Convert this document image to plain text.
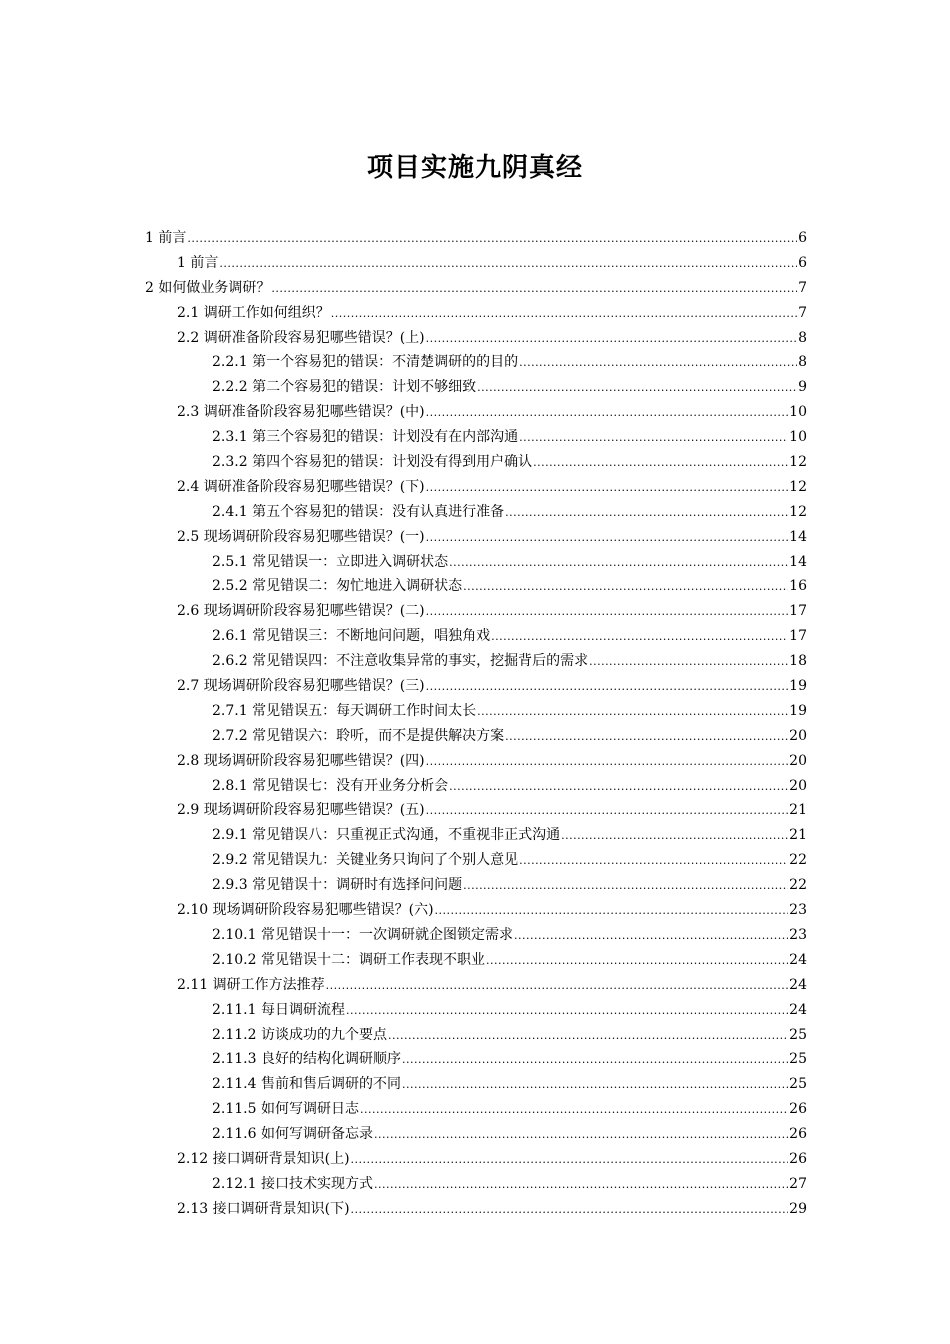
项目实施九阴真经
1 前言 .....	6
1 前言 .....	6
2 如何做业务调研？ .....	7
2.1 调研工作如何组织？ .....	7
2.2 调研准备阶段容易犯哪些错误？(上) .....	8
2.2.1 第一个容易犯的错误：不清楚调研的的目的 .....	8
2.2.2 第二个容易犯的错误：计划不够细致 .....	9
2.3 调研准备阶段容易犯哪些错误？(中) .....	10
2.3.1 第三个容易犯的错误：计划没有在内部沟通 .....	10
2.3.2 第四个容易犯的错误：计划没有得到用户确认 .....	12
2.4 调研准备阶段容易犯哪些错误？(下) .....	12
2.4.1 第五个容易犯的错误：没有认真进行准备 .....	12
2.5 现场调研阶段容易犯哪些错误？(一) .....	14
2.5.1 常见错误一：立即进入调研状态 .....	14
2.5.2 常见错误二：匆忙地进入调研状态 .....	16
2.6 现场调研阶段容易犯哪些错误？(二) .....	17
2.6.1 常见错误三：不断地问问题，唱独角戏 .....	17
2.6.2 常见错误四：不注意收集异常的事实，挖掘背后的需求 .....	18
2.7 现场调研阶段容易犯哪些错误？(三) .....	19
2.7.1 常见错误五：每天调研工作时间太长 .....	19
2.7.2 常见错误六：聆听，而不是提供解决方案 .....	20
2.8 现场调研阶段容易犯哪些错误？(四) .....	20
2.8.1 常见错误七：没有开业务分析会 .....	20
2.9 现场调研阶段容易犯哪些错误？(五) .....	21
2.9.1 常见错误八：只重视正式沟通，不重视非正式沟通 .....	21
2.9.2 常见错误九：关键业务只询问了个别人意见 .....	22
2.9.3 常见错误十：调研时有选择问问题 .....	22
2.10 现场调研阶段容易犯哪些错误？(六) .....	23
2.10.1 常见错误十一：一次调研就企图锁定需求 .....	23
2.10.2 常见错误十二：调研工作表现不职业 .....	24
2.11 调研工作方法推荐 .....	24
2.11.1 每日调研流程 .....	24
2.11.2 访谈成功的九个要点 .....	25
2.11.3 良好的结构化调研顺序 .....	25
2.11.4 售前和售后调研的不同 .....	25
2.11.5 如何写调研日志 .....	26
2.11.6 如何写调研备忘录 .....	26
2.12 接口调研背景知识(上) .....	26
2.12.1 接口技术实现方式 .....	27
2.13 接口调研背景知识(下) .....	29
